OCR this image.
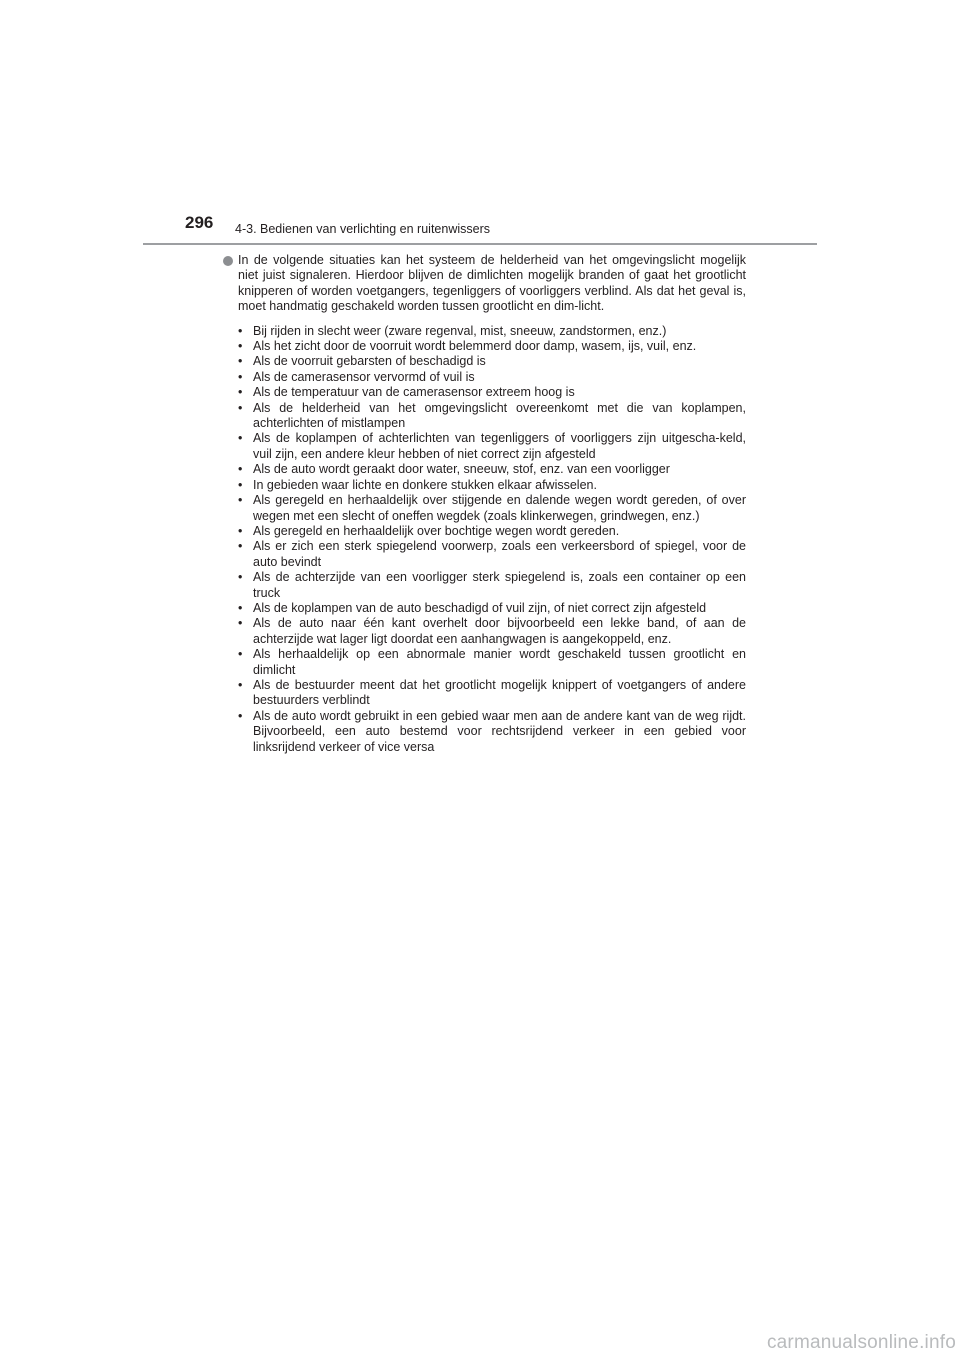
296 4-3. Bedienen van verlichting en ruitenwissers
In de volgende situaties kan het systeem de helderheid van het omgevingslicht mogelijk niet juist signaleren. Hierdoor blijven de dimlichten mogelijk branden of gaat het grootlicht knipperen of worden voetgangers, tegenliggers of voorliggers verblind. Als dat het geval is, moet handmatig geschakeld worden tussen grootlicht en dim-licht.
• Bij rijden in slecht weer (zware regenval, mist, sneeuw, zandstormen, enz.)
• Als het zicht door de voorruit wordt belemmerd door damp, wasem, ijs, vuil, enz.
• Als de voorruit gebarsten of beschadigd is
• Als de camerasensor vervormd of vuil is
• Als de temperatuur van de camerasensor extreem hoog is
• Als de helderheid van het omgevingslicht overeenkomt met die van koplampen, achterlichten of mistlampen
• Als de koplampen of achterlichten van tegenliggers of voorliggers zijn uitgescha-keld, vuil zijn, een andere kleur hebben of niet correct zijn afgesteld
• Als de auto wordt geraakt door water, sneeuw, stof, enz. van een voorligger
• In gebieden waar lichte en donkere stukken elkaar afwisselen.
• Als geregeld en herhaaldelijk over stijgende en dalende wegen wordt gereden, of over wegen met een slecht of oneffen wegdek (zoals klinkerwegen, grindwegen, enz.)
• Als geregeld en herhaaldelijk over bochtige wegen wordt gereden.
• Als er zich een sterk spiegelend voorwerp, zoals een verkeersbord of spiegel, voor de auto bevindt
• Als de achterzijde van een voorligger sterk spiegelend is, zoals een container op een truck
• Als de koplampen van de auto beschadigd of vuil zijn, of niet correct zijn afgesteld
• Als de auto naar één kant overhelt door bijvoorbeeld een lekke band, of aan de achterzijde wat lager ligt doordat een aanhangwagen is aangekoppeld, enz.
• Als herhaaldelijk op een abnormale manier wordt geschakeld tussen grootlicht en dimlicht
• Als de bestuurder meent dat het grootlicht mogelijk knippert of voetgangers of andere bestuurders verblindt
• Als de auto wordt gebruikt in een gebied waar men aan de andere kant van de weg rijdt. Bijvoorbeeld, een auto bestemd voor rechtsrijdend verkeer in een gebied voor linksrijdend verkeer of vice versa
carmanualsonline.info
